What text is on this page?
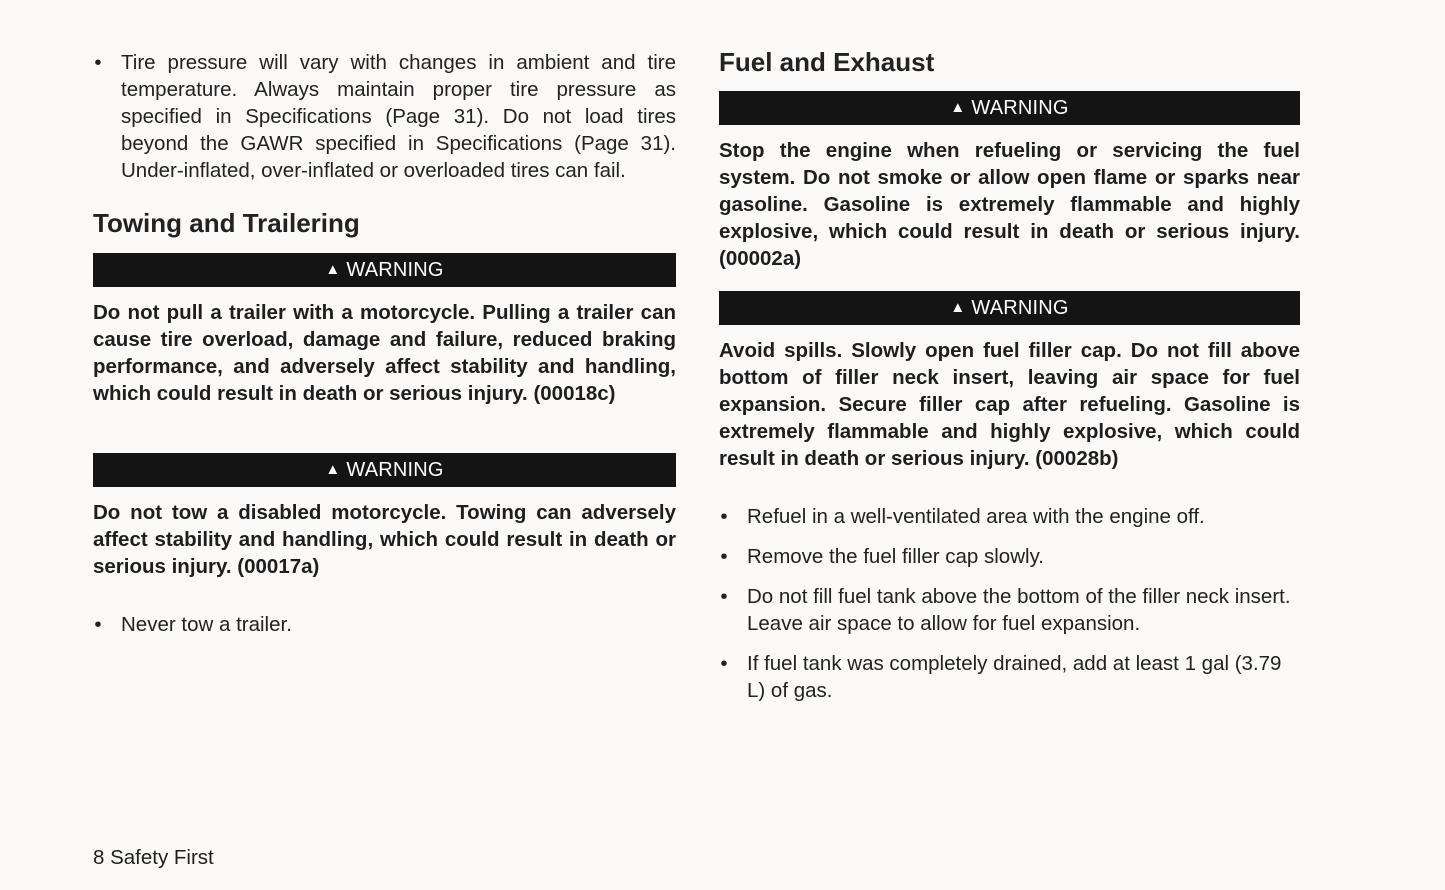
• Tire pressure will vary with changes in ambient and tire temperature. Always maintain proper tire pressure as specified in Specifications (Page 31). Do not load tires beyond the GAWR specified in Specifications (Page 31). Under-inflated, over-inflated or overloaded tires can fail.
Towing and Trailering
▲ WARNING
Do not pull a trailer with a motorcycle. Pulling a trailer can cause tire overload, damage and failure, reduced braking performance, and adversely affect stability and handling, which could result in death or serious injury. (00018c)
▲ WARNING
Do not tow a disabled motorcycle. Towing can adversely affect stability and handling, which could result in death or serious injury. (00017a)
• Never tow a trailer.
Fuel and Exhaust
▲ WARNING
Stop the engine when refueling or servicing the fuel system. Do not smoke or allow open flame or sparks near gasoline. Gasoline is extremely flammable and highly explosive, which could result in death or serious injury. (00002a)
▲ WARNING
Avoid spills. Slowly open fuel filler cap. Do not fill above bottom of filler neck insert, leaving air space for fuel expansion. Secure filler cap after refueling. Gasoline is extremely flammable and highly explosive, which could result in death or serious injury. (00028b)
• Refuel in a well-ventilated area with the engine off.
• Remove the fuel filler cap slowly.
• Do not fill fuel tank above the bottom of the filler neck insert. Leave air space to allow for fuel expansion.
• If fuel tank was completely drained, add at least 1 gal (3.79 L) of gas.
8 Safety First
